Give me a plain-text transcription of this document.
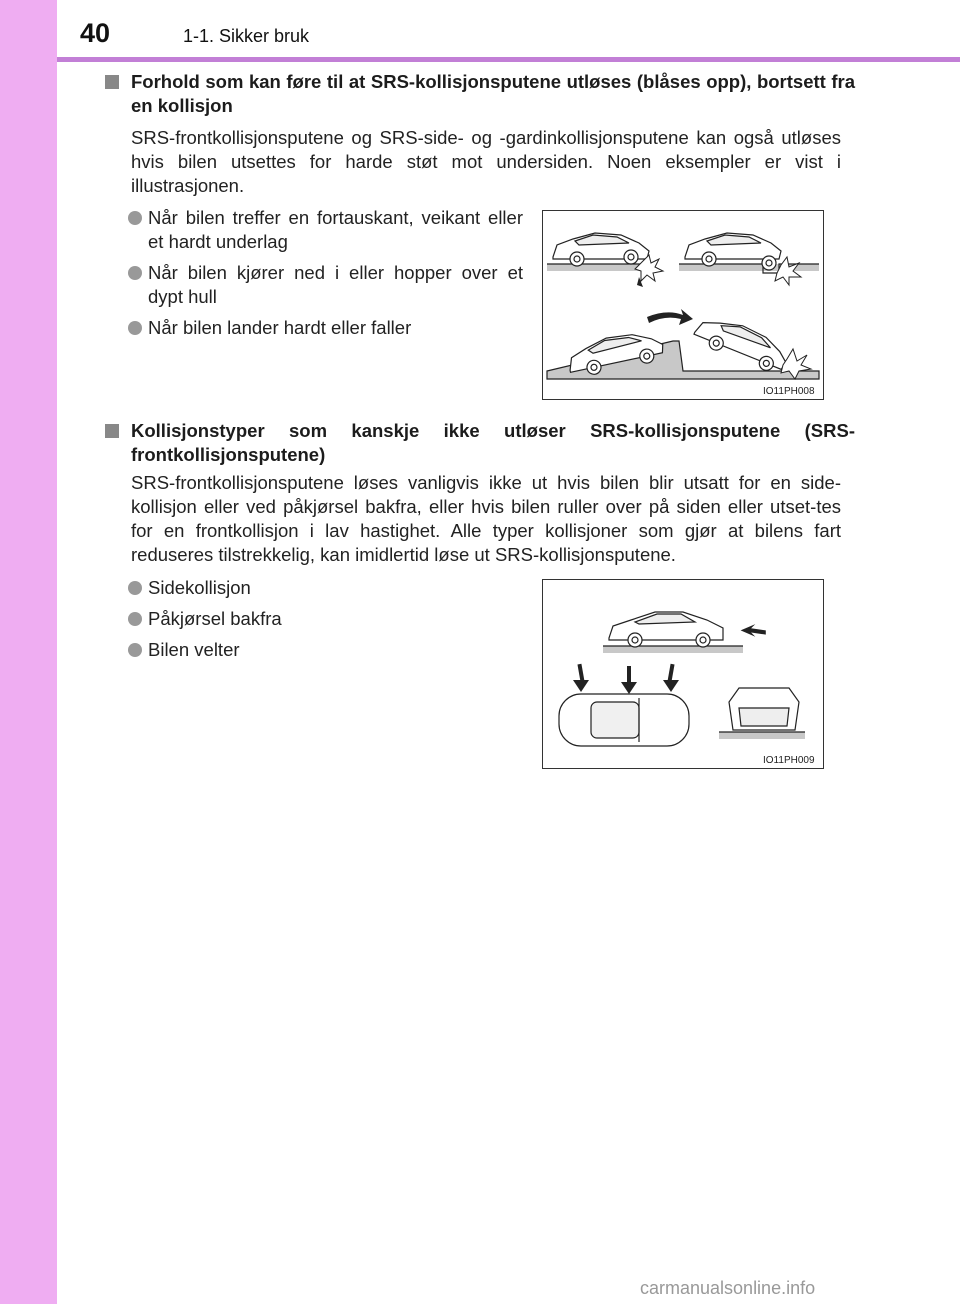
40	1-1. Sikker bruk
Forhold som kan føre til at SRS-kollisjonsputene utløses (blåses opp), bortsett fra en kollisjon
SRS-frontkollisjonsputene og SRS-side- og -gardinkollisjonsputene kan også utløses hvis bilen utsettes for harde støt mot undersiden. Noen eksempler er vist i illustrasjonen.
Når bilen treffer en fortauskant, veikant eller et hardt underlag
Når bilen kjører ned i eller hopper over et dypt hull
Når bilen lander hardt eller faller
IO11PH008
Kollisjonstyper som kanskje ikke utløser SRS-kollisjonsputene (SRS-frontkollisjonsputene)
SRS-frontkollisjonsputene løses vanligvis ikke ut hvis bilen blir utsatt for en side-kollisjon eller ved påkjørsel bakfra, eller hvis bilen ruller over på siden eller utset-tes for en frontkollisjon i lav hastighet. Alle typer kollisjoner som gjør at bilens fart reduseres tilstrekkelig, kan imidlertid løse ut SRS-kollisjonsputene.
Sidekollisjon
Påkjørsel bakfra
Bilen velter
IO11PH009
carmanualsonline.info
